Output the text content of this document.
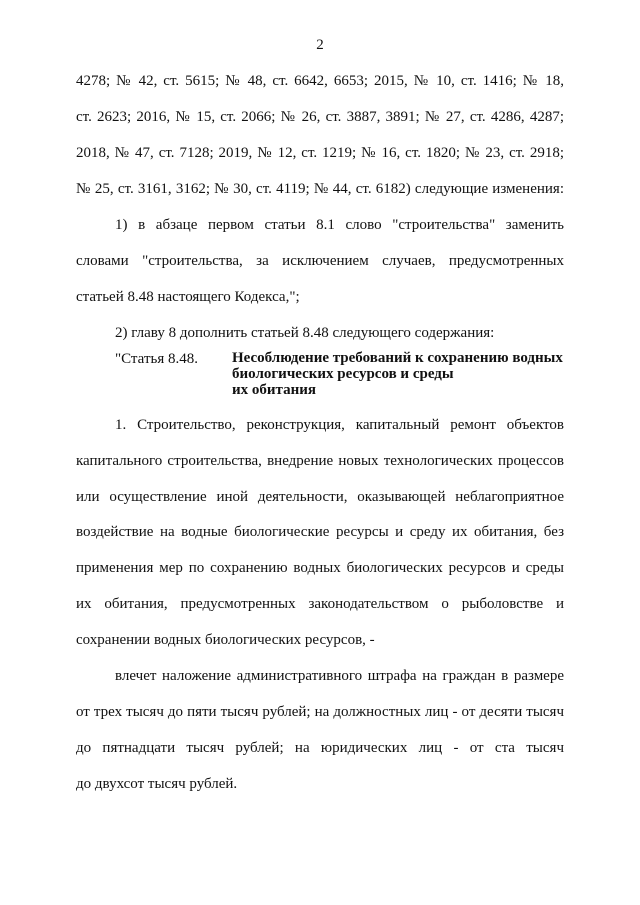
2
4278; № 42, ст. 5615; № 48, ст. 6642, 6653; 2015, № 10, ст. 1416; № 18,
ст. 2623; 2016, № 15, ст. 2066; № 26, ст. 3887, 3891; № 27, ст. 4286, 4287;
2018, № 47, ст. 7128; 2019, № 12, ст. 1219; № 16, ст. 1820; № 23, ст. 2918;
№ 25, ст. 3161, 3162; № 30, ст. 4119; № 44, ст. 6182) следующие изменения:
1) в абзаце первом статьи 8.1 слово "строительства" заменить
словами "строительства, за исключением случаев, предусмотренных
статьей 8.48 настоящего Кодекса,";
2) главу 8 дополнить статьей 8.48 следующего содержания:
"Статья 8.48. Несоблюдение требований к сохранению водных
биологических ресурсов и среды
их обитания
1. Строительство, реконструкция, капитальный ремонт объектов
капитального строительства, внедрение новых технологических процессов
или осуществление иной деятельности, оказывающей неблагоприятное
воздействие на водные биологические ресурсы и среду их обитания, без
применения мер по сохранению водных биологических ресурсов и среды
их обитания, предусмотренных законодательством о рыболовстве и
сохранении водных биологических ресурсов, -
влечет наложение административного штрафа на граждан в размере
от трех тысяч до пяти тысяч рублей; на должностных лиц - от десяти тысяч
до пятнадцати тысяч рублей; на юридических лиц - от ста тысяч
до двухсот тысяч рублей.
